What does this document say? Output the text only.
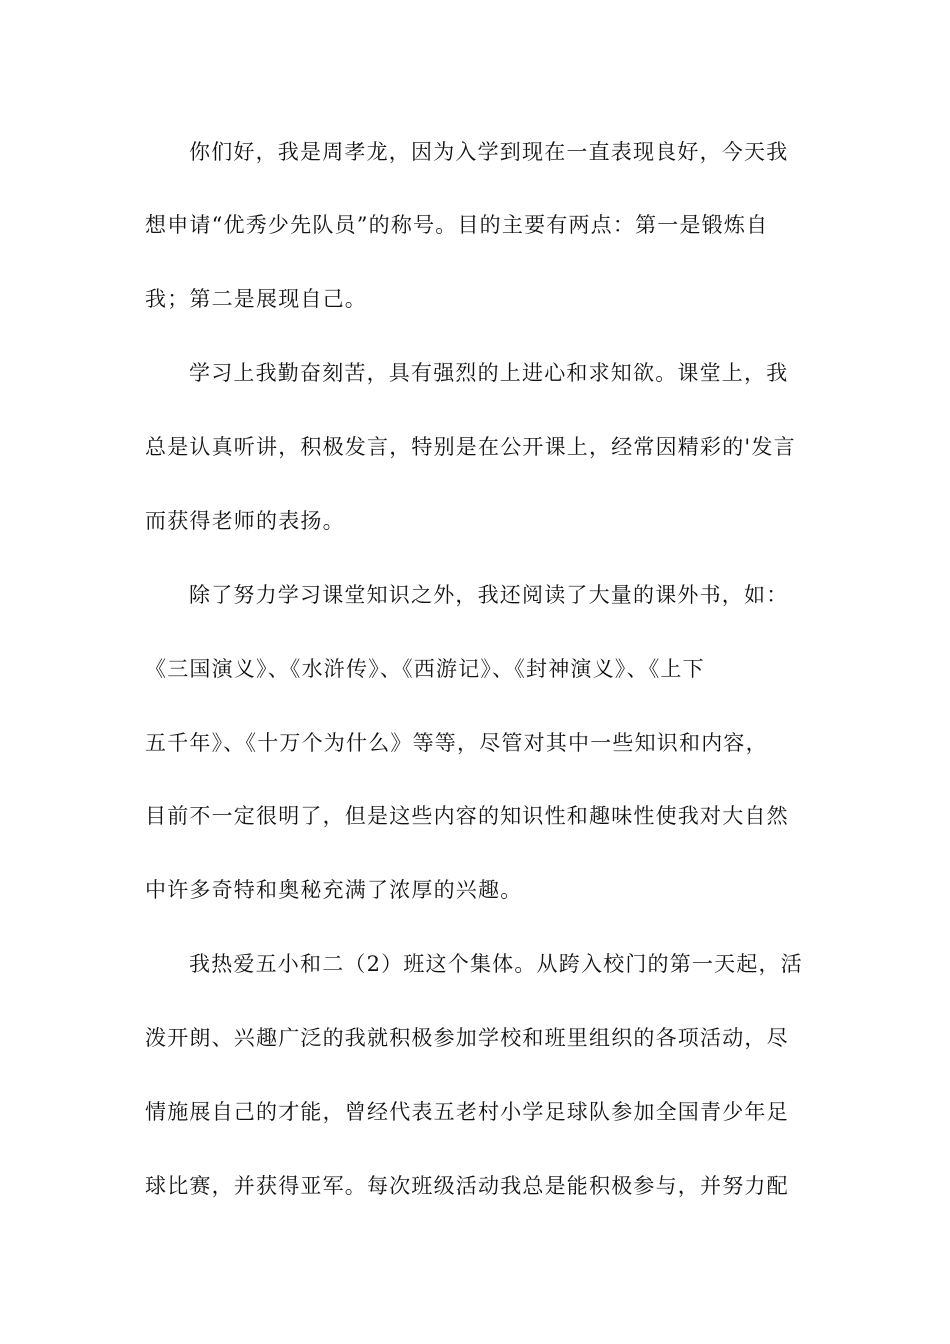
你们好，我是周孝龙，因为入学到现在一直表现良好，今天我
想申请“优秀少先队员”的称号。目的主要有两点：第一是锻炼自
我；第二是展现自己。
学习上我勤奋刻苦，具有强烈的上进心和求知欲。课堂上，我
总是认真听讲，积极发言，特别是在公开课上，经常因精彩的'发言
而获得老师的表扬。
除了努力学习课堂知识之外，我还阅读了大量的课外书，如：
《三国演义》、《水浒传》、《西游记》、《封神演义》、《上下
五千年》、《十万个为什么》等等，尽管对其中一些知识和内容，
目前不一定很明了，但是这些内容的知识性和趣味性使我对大自然
中许多奇特和奥秘充满了浓厚的兴趣。
我热爱五小和二（2）班这个集体。从跨入校门的第一天起，活
泼开朗、兴趣广泛的我就积极参加学校和班里组织的各项活动，尽
情施展自己的才能，曾经代表五老村小学足球队参加全国青少年足
球比赛，并获得亚军。每次班级活动我总是能积极参与，并努力配
